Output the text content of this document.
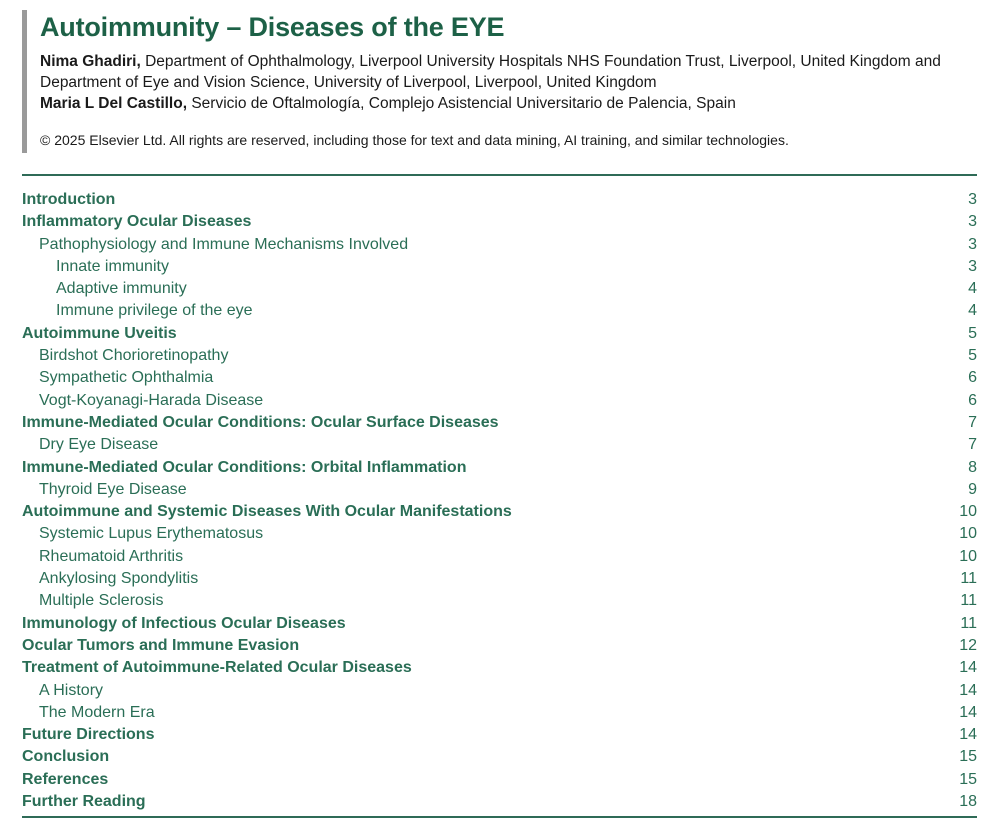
Autoimmunity – Diseases of the EYE
Nima Ghadiri, Department of Ophthalmology, Liverpool University Hospitals NHS Foundation Trust, Liverpool, United Kingdom and Department of Eye and Vision Science, University of Liverpool, Liverpool, United Kingdom
Maria L Del Castillo, Servicio de Oftalmología, Complejo Asistencial Universitario de Palencia, Spain
© 2025 Elsevier Ltd. All rights are reserved, including those for text and data mining, AI training, and similar technologies.
Introduction	3
Inflammatory Ocular Diseases	3
Pathophysiology and Immune Mechanisms Involved	3
Innate immunity	3
Adaptive immunity	4
Immune privilege of the eye	4
Autoimmune Uveitis	5
Birdshot Chorioretinopathy	5
Sympathetic Ophthalmia	6
Vogt-Koyanagi-Harada Disease	6
Immune-Mediated Ocular Conditions: Ocular Surface Diseases	7
Dry Eye Disease	7
Immune-Mediated Ocular Conditions: Orbital Inflammation	8
Thyroid Eye Disease	9
Autoimmune and Systemic Diseases With Ocular Manifestations	10
Systemic Lupus Erythematosus	10
Rheumatoid Arthritis	10
Ankylosing Spondylitis	11
Multiple Sclerosis	11
Immunology of Infectious Ocular Diseases	11
Ocular Tumors and Immune Evasion	12
Treatment of Autoimmune-Related Ocular Diseases	14
A History	14
The Modern Era	14
Future Directions	14
Conclusion	15
References	15
Further Reading	18
